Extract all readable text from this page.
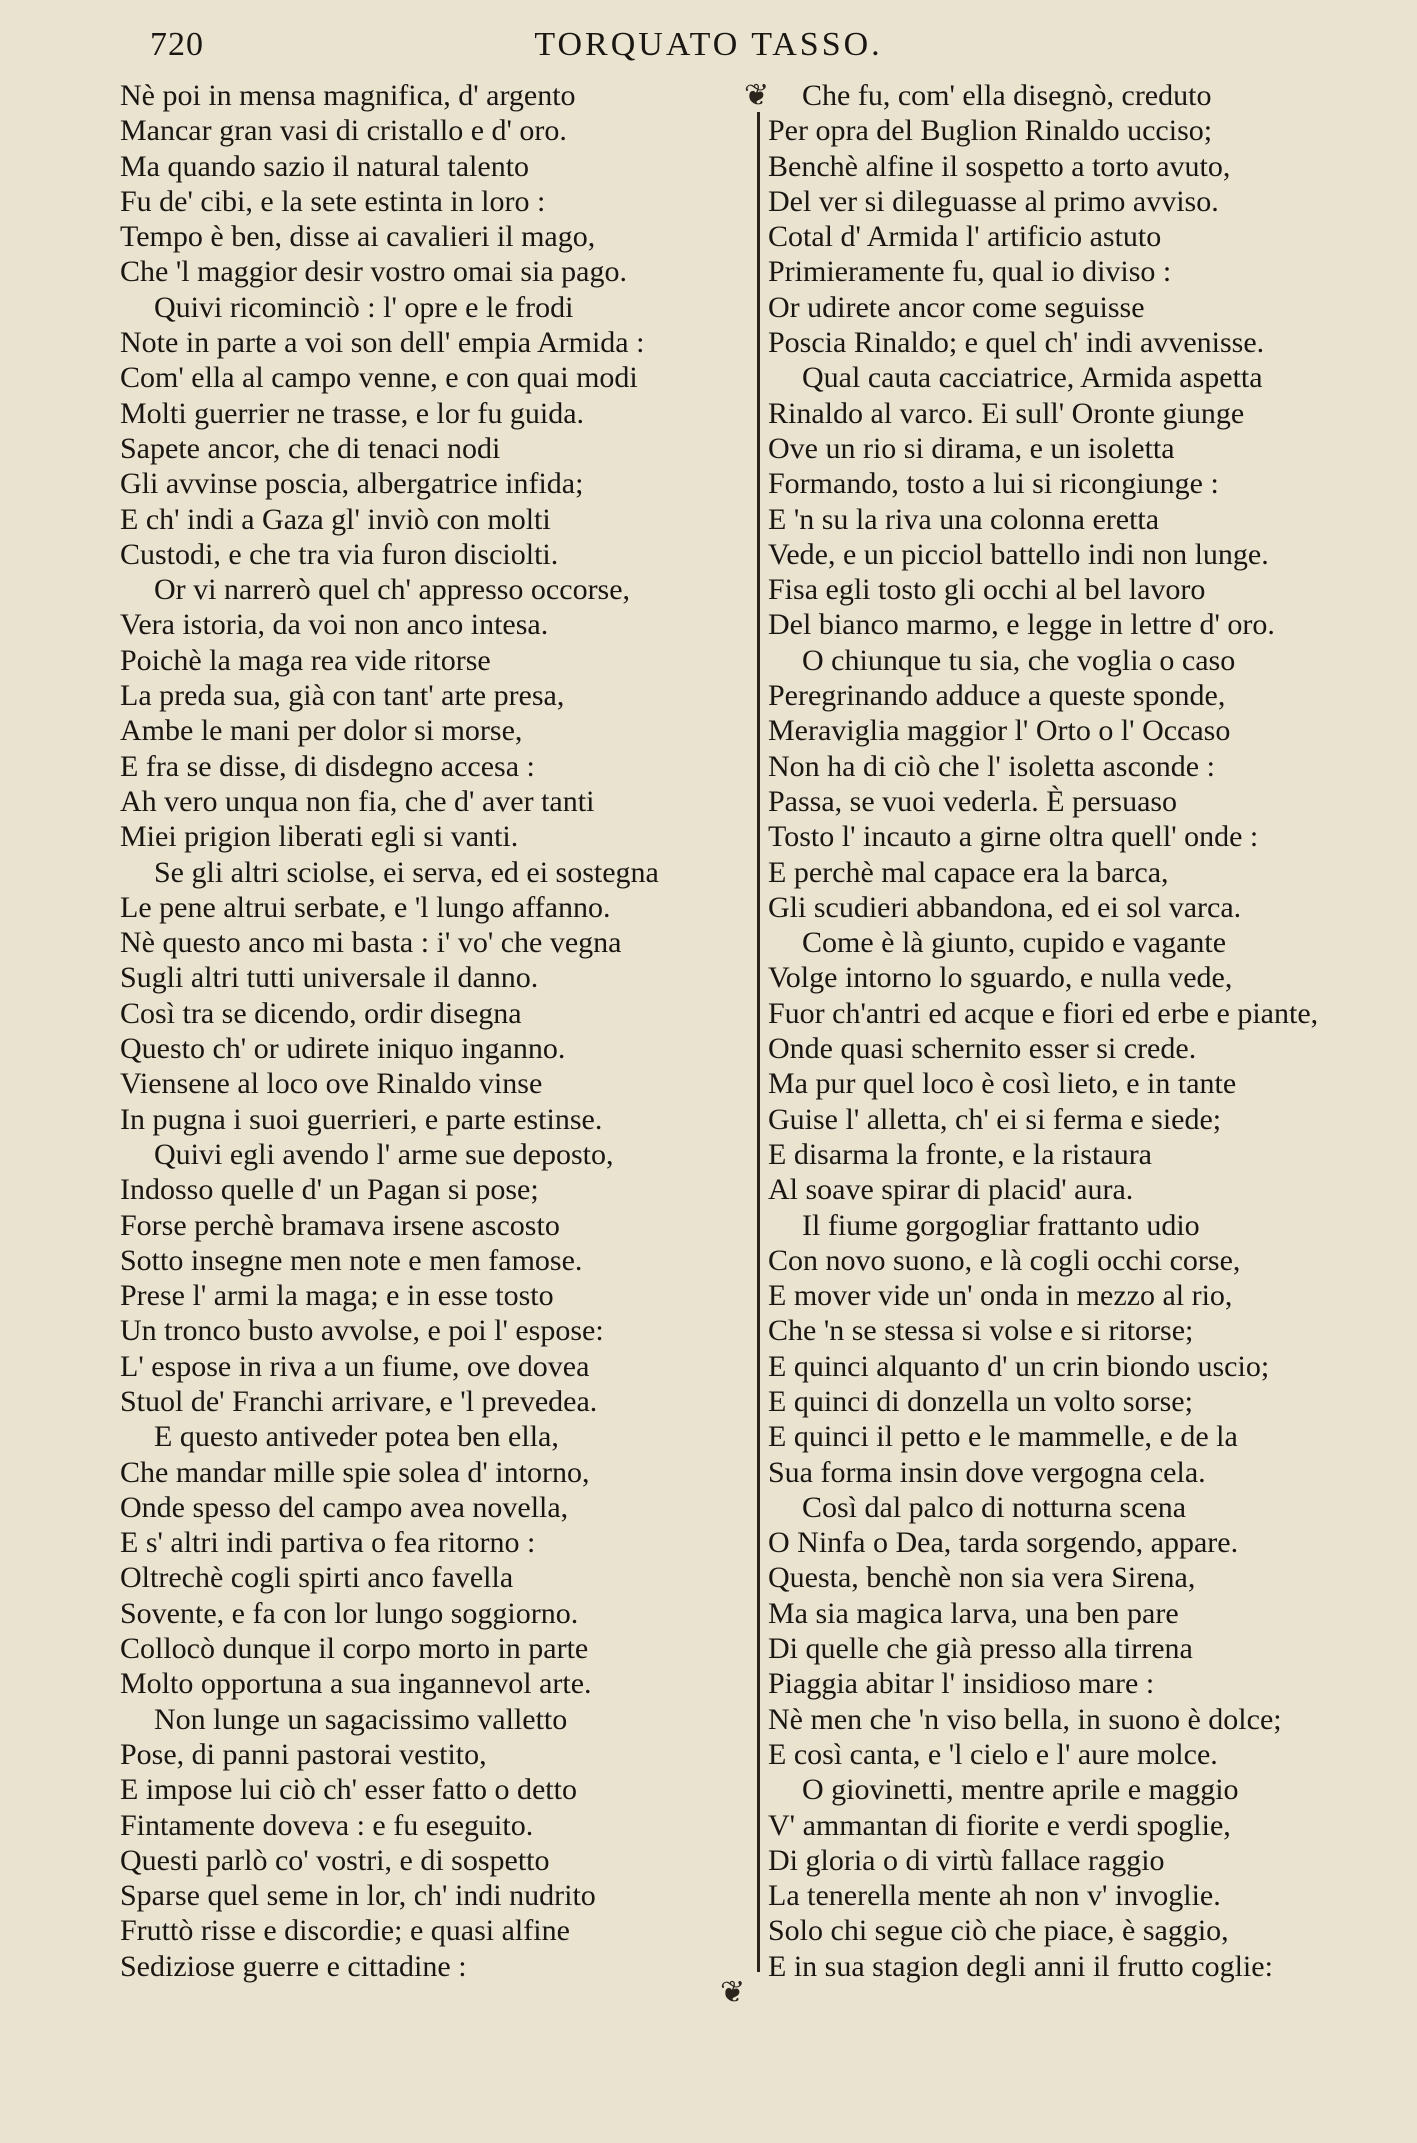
720	TORQUATO TASSO.
Nè poi in mensa magnifica, d' argento
Mancar gran vasi di cristallo e d' oro.
Ma quando sazio il natural talento
Fu de' cibi, e la sete estinta in loro :
Tempo è ben, disse ai cavalieri il mago,
Che 'l maggior desir vostro omai sia pago.
Quivi ricominciò : l' opre e le frodi
Note in parte a voi son dell' empia Armida :
Com' ella al campo venne, e con quai modi
Molti guerrier ne trasse, e lor fu guida.
Sapete ancor, che di tenaci nodi
Gli avvinse poscia, albergatrice infida;
E ch' indi a Gaza gl' inviò con molti
Custodi, e che tra via furon disciolti.
Or vi narrerò quel ch' appresso occorse,
Vera istoria, da voi non anco intesa.
Poichè la maga rea vide ritorse
La preda sua, già con tant' arte presa,
Ambe le mani per dolor si morse,
E fra se disse, di disdegno accesa :
Ah vero unqua non fia, che d' aver tanti
Miei prigion liberati egli si vanti.
Se gli altri sciolse, ei serva, ed ei sostegna
Le pene altrui serbate, e 'l lungo affanno.
Nè questo anco mi basta : i' vo' che vegna
Sugli altri tutti universale il danno.
Così tra se dicendo, ordir disegna
Questo ch' or udirete iniquo inganno.
Viensene al loco ove Rinaldo vinse
In pugna i suoi guerrieri, e parte estinse.
Quivi egli avendo l' arme sue deposto,
Indosso quelle d' un Pagan si pose;
Forse perchè bramava irsene ascosto
Sotto insegne men note e men famose.
Prese l' armi la maga; e in esse tosto
Un tronco busto avvolse, e poi l' espose:
L' espose in riva a un fiume, ove dovea
Stuol de' Franchi arrivare, e 'l prevedea.
E questo antiveder potea ben ella,
Che mandar mille spie solea d' intorno,
Onde spesso del campo avea novella,
E s' altri indi partiva o fea ritorno :
Oltrechè cogli spirti anco favella
Sovente, e fa con lor lungo soggiorno.
Collocò dunque il corpo morto in parte
Molto opportuna a sua ingannevol arte.
Non lunge un sagacissimo valletto
Pose, di panni pastorai vestito,
E impose lui ciò ch' esser fatto o detto
Fintamente doveva : e fu eseguito.
Questi parlò co' vostri, e di sospetto
Sparse quel seme in lor, ch' indi nudrito
Fruttò risse e discordie; e quasi alfine
Sediziose guerre e cittadine :
Che fu, com' ella disegnò, creduto
Per opra del Buglion Rinaldo ucciso;
Benchè alfine il sospetto a torto avuto,
Del ver si dileguasse al primo avviso.
Cotal d' Armida l' artificio astuto
Primieramente fu, qual io diviso :
Or udirete ancor come seguisse
Poscia Rinaldo; e quel ch' indi avvenisse.
Qual cauta cacciatrice, Armida aspetta
Rinaldo al varco. Ei sull' Oronte giunge
Ove un rio si dirama, e un isoletta
Formando, tosto a lui si ricongiunge :
E 'n su la riva una colonna eretta
Vede, e un picciol battello indi non lunge.
Fisa egli tosto gli occhi al bel lavoro
Del bianco marmo, e legge in lettre d' oro.
O chiunque tu sia, che voglia o caso
Peregrinando adduce a queste sponde,
Meraviglia maggior l' Orto o l' Occaso
Non ha di ciò che l' isoletta asconde :
Passa, se vuoi vederla. È persuaso
Tosto l' incauto a girne oltra quell' onde :
E perchè mal capace era la barca,
Gli scudieri abbandona, ed ei sol varca.
Come è là giunto, cupido e vagante
Volge intorno lo sguardo, e nulla vede,
Fuor ch'antri ed acque e fiori ed erbe e piante,
Onde quasi schernito esser si crede.
Ma pur quel loco è così lieto, e in tante
Guise l' alletta, ch' ei si ferma e siede;
E disarma la fronte, e la ristaura
Al soave spirar di placid' aura.
Il fiume gorgogliar frattanto udio
Con novo suono, e là cogli occhi corse,
E mover vide un' onda in mezzo al rio,
Che 'n se stessa si volse e si ritorse;
E quinci alquanto d' un crin biondo uscio;
E quinci di donzella un volto sorse;
E quinci il petto e le mammelle, e de la
Sua forma insin dove vergogna cela.
Così dal palco di notturna scena
O Ninfa o Dea, tarda sorgendo, appare.
Questa, benchè non sia vera Sirena,
Ma sia magica larva, una ben pare
Di quelle che già presso alla tirrena
Piaggia abitar l' insidioso mare :
Nè men che 'n viso bella, in suono è dolce;
E così canta, e 'l cielo e l' aure molce.
O giovinetti, mentre aprile e maggio
V' ammantan di fiorite e verdi spoglie,
Di gloria o di virtù fallace raggio
La tenerella mente ah non v' invoglie.
Solo chi segue ciò che piace, è saggio,
E in sua stagion degli anni il frutto coglie:
❦
❦
